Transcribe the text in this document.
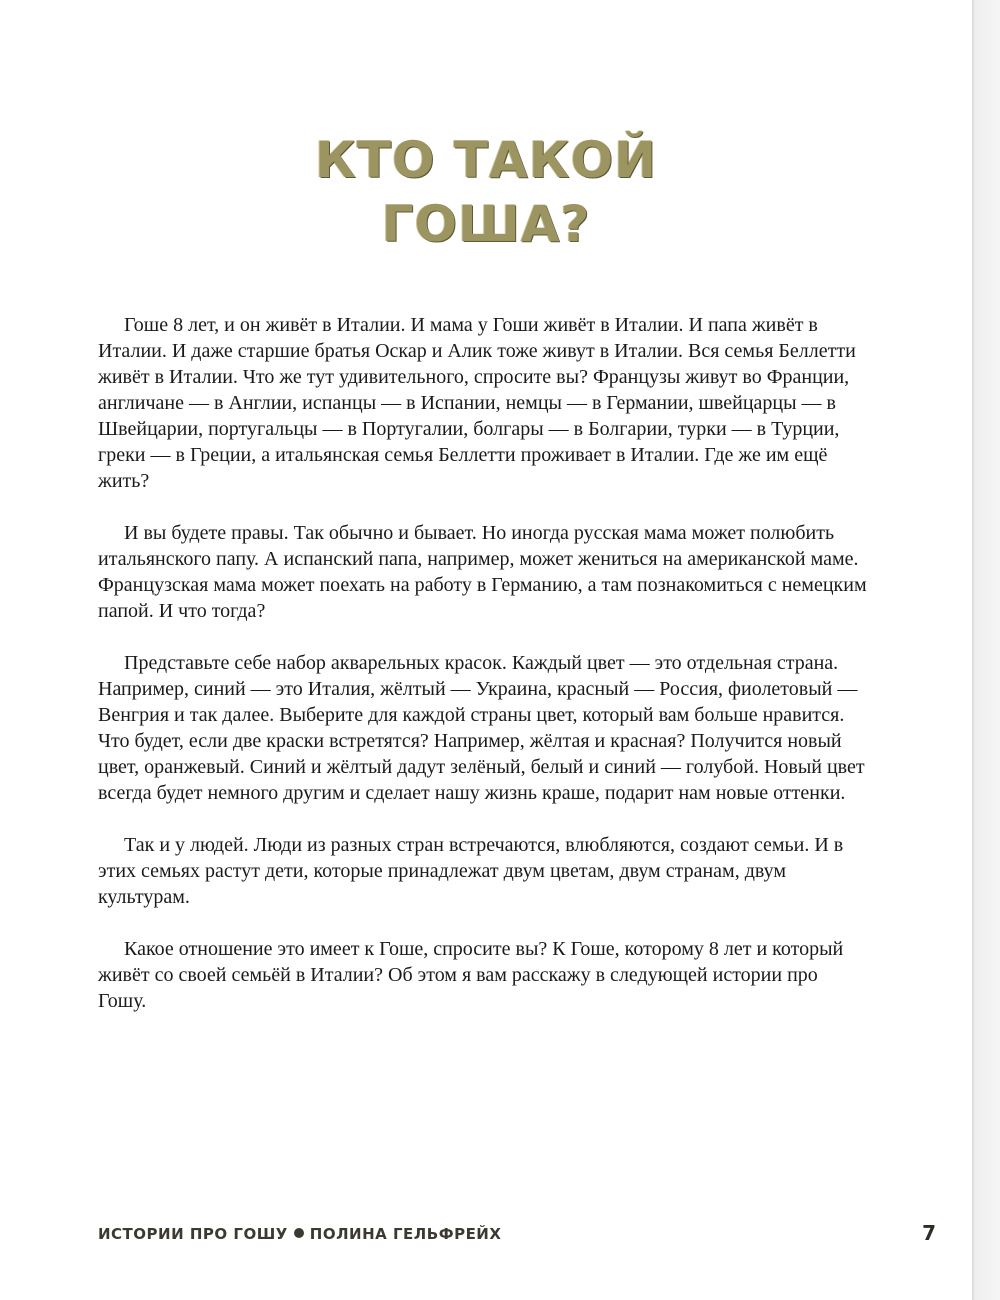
КТО ТАКОЙ
ГОША?

Гоше 8 лет, и он живёт в Италии. И мама у Гоши живёт в Италии. И папа живёт в Италии. И даже старшие братья Оскар и Алик тоже живут в Италии. Вся семья Беллетти живёт в Италии. Что же тут удивительного, спросите вы? Французы живут во Франции, англичане — в Англии, испанцы — в Испании, немцы — в Германии, швейцарцы — в Швейцарии, португальцы — в Португалии, болгары — в Болгарии, турки — в Турции, греки — в Греции, а итальянская семья Беллетти проживает в Италии. Где же им ещё жить?

И вы будете правы. Так обычно и бывает. Но иногда русская мама может полюбить итальянского папу. А испанский папа, например, может жениться на американской маме. Французская мама может поехать на работу в Германию, а там познакомиться с немецким папой. И что тогда?

Представьте себе набор акварельных красок. Каждый цвет — это отдельная страна. Например, синий — это Италия, жёлтый — Украина, красный — Россия, фиолетовый — Венгрия и так далее. Выберите для каждой страны цвет, который вам больше нравится. Что будет, если две краски встретятся? Например, жёлтая и красная? Получится новый цвет, оранжевый. Синий и жёлтый дадут зелёный, белый и синий — голубой. Новый цвет всегда будет немного другим и сделает нашу жизнь краше, подарит нам новые оттенки.

Так и у людей. Люди из разных стран встречаются, влюбляются, создают семьи. И в этих семьях растут дети, которые принадлежат двум цветам, двум странам, двум культурам.

Какое отношение это имеет к Гоше, спросите вы? К Гоше, которому 8 лет и который живёт со своей семьёй в Италии? Об этом я вам расскажу в следующей истории про Гошу.

ИСТОРИИ ПРО ГОШУ ПОЛИНА ГЕЛЬФРЕЙХ	7
